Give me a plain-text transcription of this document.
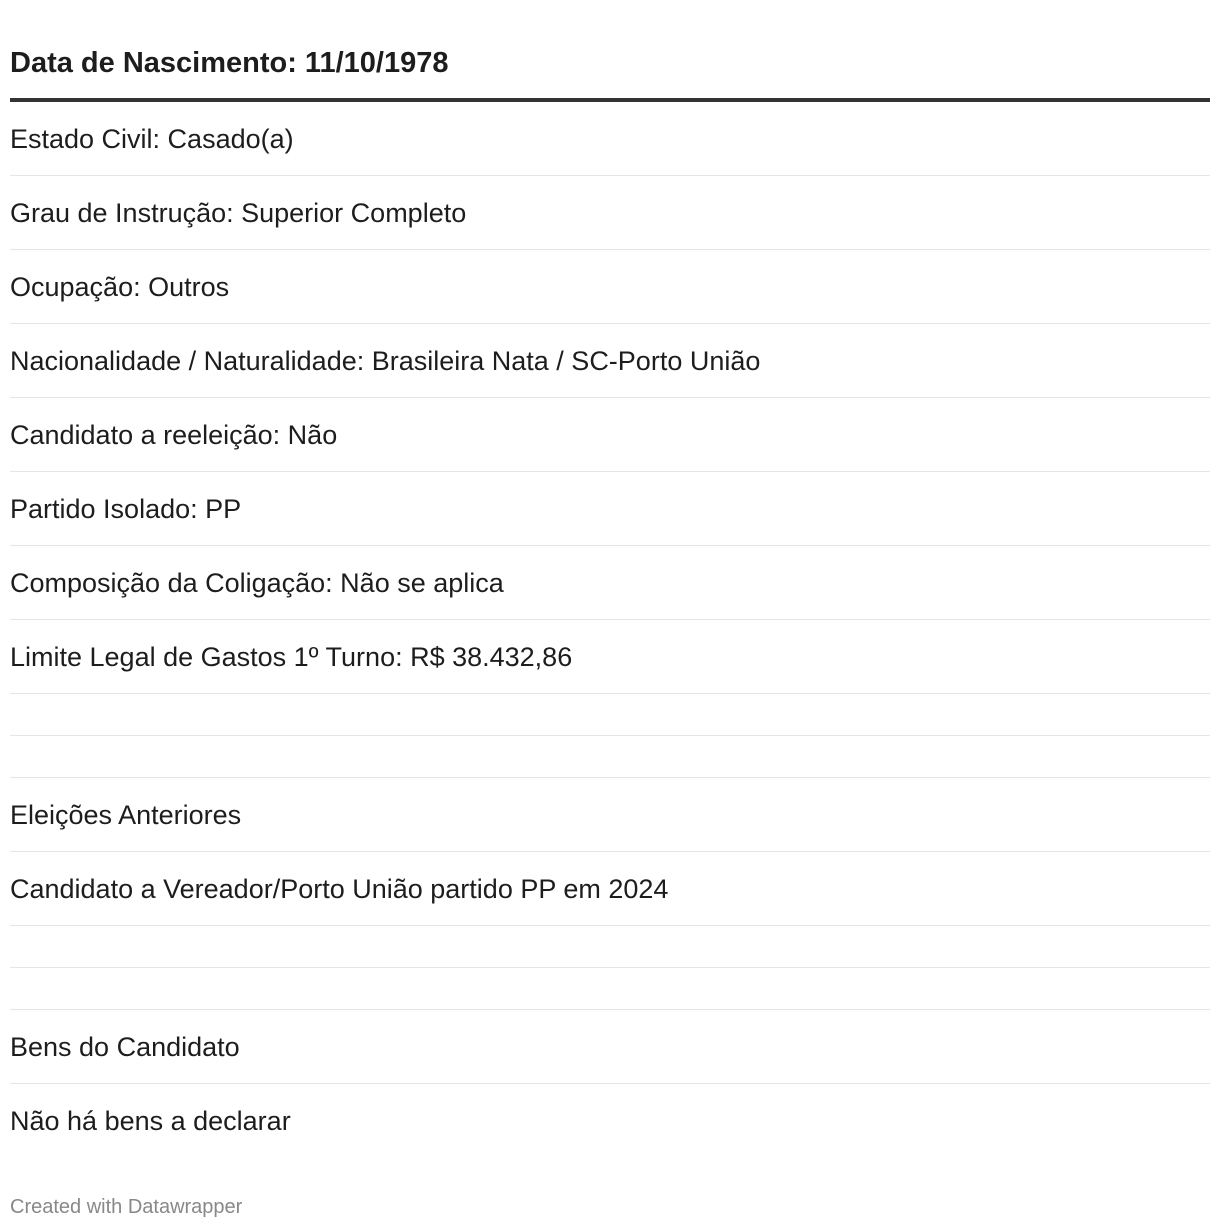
Data de Nascimento: 11/10/1978
Estado Civil: Casado(a)
Grau de Instrução: Superior Completo
Ocupação: Outros
Nacionalidade / Naturalidade: Brasileira Nata / SC-Porto União
Candidato a reeleição: Não
Partido Isolado: PP
Composição da Coligação: Não se aplica
Limite Legal de Gastos 1º Turno: R$ 38.432,86
Eleições Anteriores
Candidato a Vereador/Porto União partido PP em 2024
Bens do Candidato
Não há bens a declarar
Created with Datawrapper
